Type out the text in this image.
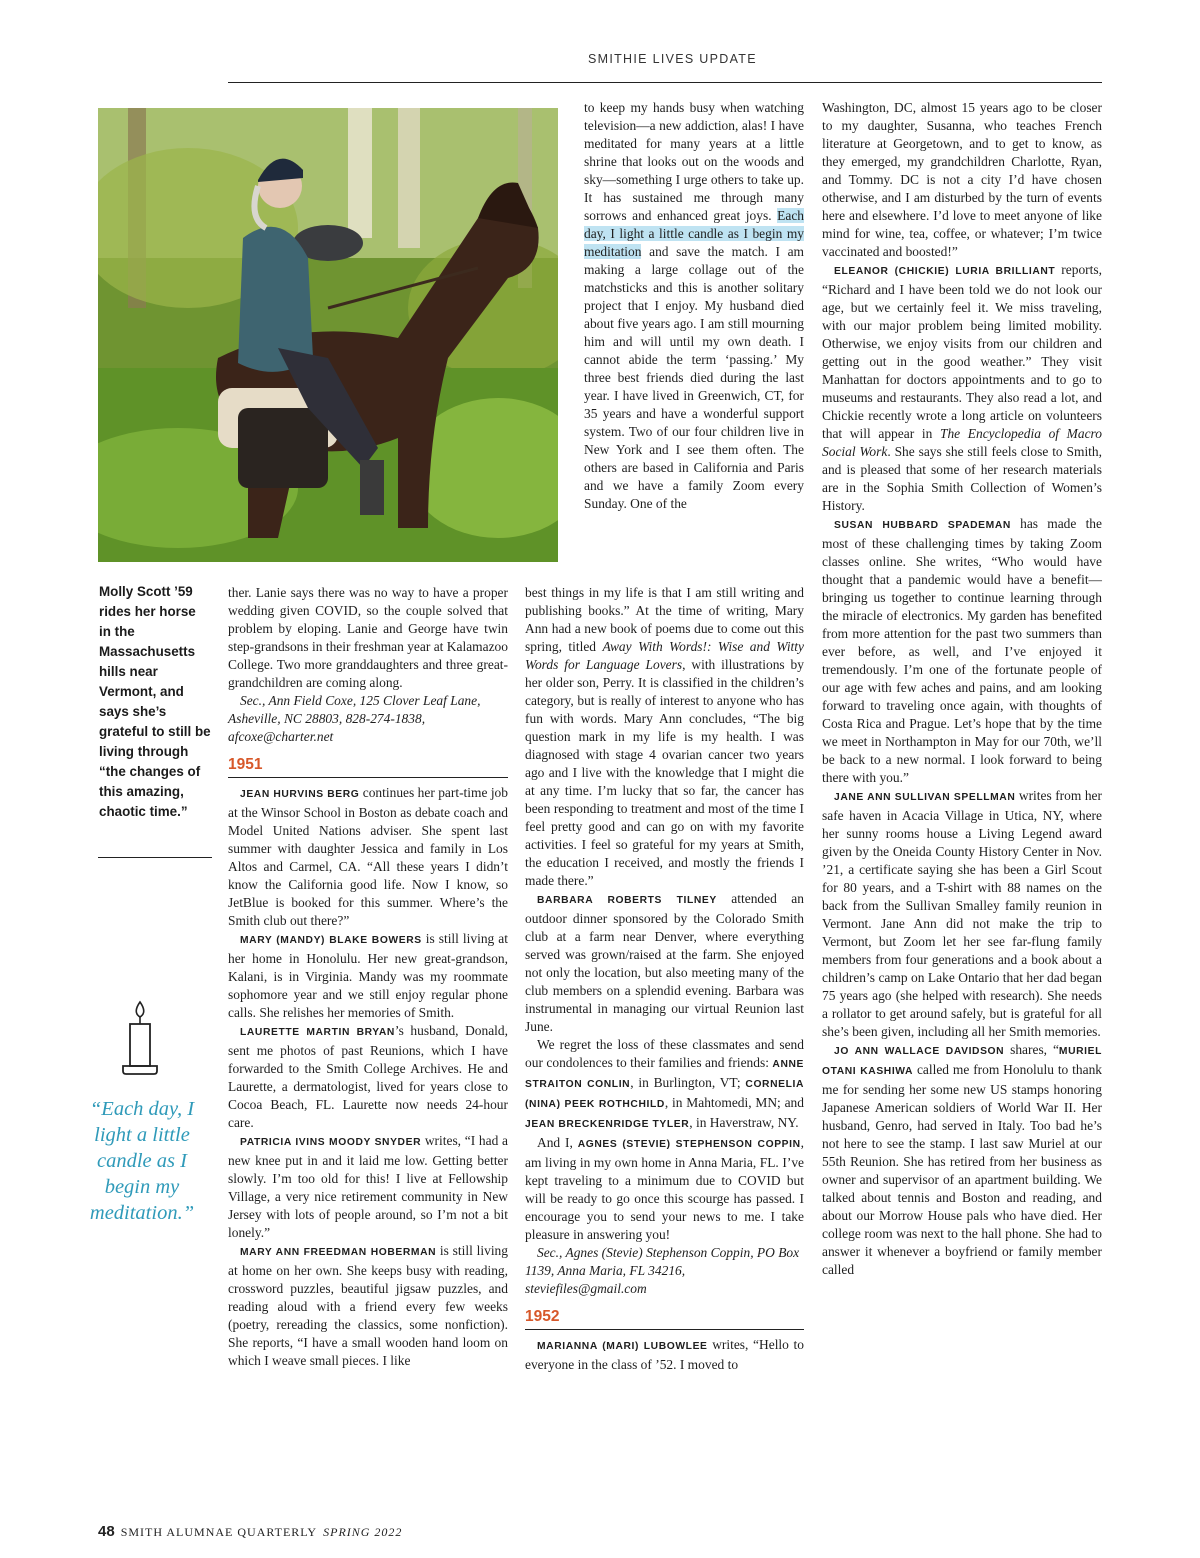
SMITHIE LIVES UPDATE
Molly Scott ’59 rides her horse in the Massachusetts hills near Vermont, and says she’s grateful to still be living through “the changes of this amazing, chaotic time.”
“Each day, I light a little candle as I begin my meditation.”

ther. Lanie says there was no way to have a proper wedding given COVID, so the couple solved that problem by eloping. Lanie and George have twin step-grandsons in their freshman year at Kalamazoo College. Two more granddaughters and three great-grandchildren are coming along.

Sec., Ann Field Coxe, 125 Clover Leaf Lane, Asheville, NC 28803, 828-274-1838, afcoxe@charter.net

1951

JEAN HURVINS BERG continues her part-time job at the Winsor School in Boston as debate coach and Model United Nations adviser. She spent last summer with daughter Jessica and family in Los Altos and Carmel, CA. “All these years I didn’t know the California good life. Now I know, so JetBlue is booked for this summer. Where’s the Smith club out there?”

MARY (MANDY) BLAKE BOWERS is still living at her home in Honolulu. Her new great-grandson, Kalani, is in Virginia. Mandy was my roommate sophomore year and we still enjoy regular phone calls. She relishes her memories of Smith.

LAURETTE MARTIN BRYAN’s husband, Donald, sent me photos of past Reunions, which I have forwarded to the Smith College Archives. He and Laurette, a dermatologist, lived for years close to Cocoa Beach, FL. Laurette now needs 24-hour care.

PATRICIA IVINS MOODY SNYDER writes, “I had a new knee put in and it laid me low. Getting better slowly. I’m too old for this! I live at Fellowship Village, a very nice retirement community in New Jersey with lots of people around, so I’m not a bit lonely.”

MARY ANN FREEDMAN HOBERMAN is still living at home on her own. She keeps busy with reading, crossword puzzles, beautiful jigsaw puzzles, and reading aloud with a friend every few weeks (poetry, rereading the classics, some nonfiction). She reports, “I have a small wooden hand loom on which I weave small pieces. I like

to keep my hands busy when watching television—a new addiction, alas! I have meditated for many years at a little shrine that looks out on the woods and sky—something I urge others to take up. It has sustained me through many sorrows and enhanced great joys. Each day, I light a little candle as I begin my meditation and save the match. I am making a large collage out of the matchsticks and this is another solitary project that I enjoy. My husband died about five years ago. I am still mourning him and will until my own death. I cannot abide the term ‘passing.’ My three best friends died during the last year. I have lived in Greenwich, CT, for 35 years and have a wonderful support system. Two of our four children live in New York and I see them often. The others are based in California and Paris and we have a family Zoom every Sunday. One of the

best things in my life is that I am still writing and publishing books.” At the time of writing, Mary Ann had a new book of poems due to come out this spring, titled Away With Words!: Wise and Witty Words for Language Lovers, with illustrations by her older son, Perry. It is classified in the children’s category, but is really of interest to anyone who has fun with words. Mary Ann concludes, “The big question mark in my life is my health. I was diagnosed with stage 4 ovarian cancer two years ago and I live with the knowledge that I might die at any time. I’m lucky that so far, the cancer has been responding to treatment and most of the time I feel pretty good and can go on with my favorite activities. I feel so grateful for my years at Smith, the education I received, and mostly the friends I made there.”

BARBARA ROBERTS TILNEY attended an outdoor dinner sponsored by the Colorado Smith club at a farm near Denver, where everything served was grown/raised at the farm. She enjoyed not only the location, but also meeting many of the club members on a splendid evening. Barbara was instrumental in managing our virtual Reunion last June.

We regret the loss of these classmates and send our condolences to their families and friends: ANNE STRAITON CONLIN, in Burlington, VT; CORNELIA (NINA) PEEK ROTHCHILD, in Mahtomedi, MN; and JEAN BRECKENRIDGE TYLER, in Haverstraw, NY.

And I, AGNES (STEVIE) STEPHENSON COPPIN, am living in my own home in Anna Maria, FL. I’ve kept traveling to a minimum due to COVID but will be ready to go once this scourge has passed. I encourage you to send your news to me. I take pleasure in answering you!

Sec., Agnes (Stevie) Stephenson Coppin, PO Box 1139, Anna Maria, FL 34216, steviefiles@gmail.com

1952

MARIANNA (MARI) LUBOWLEE writes, “Hello to everyone in the class of ’52. I moved to

Washington, DC, almost 15 years ago to be closer to my daughter, Susanna, who teaches French literature at Georgetown, and to get to know, as they emerged, my grandchildren Charlotte, Ryan, and Tommy. DC is not a city I’d have chosen otherwise, and I am disturbed by the turn of events here and elsewhere. I’d love to meet anyone of like mind for wine, tea, coffee, or whatever; I’m twice vaccinated and boosted!”

ELEANOR (CHICKIE) LURIA BRILLIANT reports, “Richard and I have been told we do not look our age, but we certainly feel it. We miss traveling, with our major problem being limited mobility. Otherwise, we enjoy visits from our children and getting out in the good weather.” They visit Manhattan for doctors appointments and to go to museums and restaurants. They also read a lot, and Chickie recently wrote a long article on volunteers that will appear in The Encyclopedia of Macro Social Work. She says she still feels close to Smith, and is pleased that some of her research materials are in the Sophia Smith Collection of Women’s History.

SUSAN HUBBARD SPADEMAN has made the most of these challenging times by taking Zoom classes online. She writes, “Who would have thought that a pandemic would have a benefit—bringing us together to continue learning through the miracle of electronics. My garden has benefited from more attention for the past two summers than ever before, as well, and I’ve enjoyed it tremendously. I’m one of the fortunate people of our age with few aches and pains, and am looking forward to traveling once again, with thoughts of Costa Rica and Prague. Let’s hope that by the time we meet in Northampton in May for our 70th, we’ll be back to a new normal. I look forward to being there with you.”

JANE ANN SULLIVAN SPELLMAN writes from her safe haven in Acacia Village in Utica, NY, where her sunny rooms house a Living Legend award given by the Oneida County History Center in Nov. ’21, a certificate saying she has been a Girl Scout for 80 years, and a T-shirt with 88 names on the back from the Sullivan Smalley family reunion in Vermont. Jane Ann did not make the trip to Vermont, but Zoom let her see far-flung family members from four generations and a book about a children’s camp on Lake Ontario that her dad began 75 years ago (she helped with research). She needs a rollator to get around safely, but is grateful for all she’s been given, including all her Smith memories.

JO ANN WALLACE DAVIDSON shares, “MURIEL OTANI KASHIWA called me from Honolulu to thank me for sending her some new US stamps honoring Japanese American soldiers of World War II. Her husband, Genro, had served in Italy. Too bad he’s not here to see the stamp. I last saw Muriel at our 55th Reunion. She has retired from her business as owner and supervisor of an apartment building. We talked about tennis and Boston and reading, and about our Morrow House pals who have died. Her college room was next to the hall phone. She had to answer it whenever a boyfriend or family member called

48 SMITH ALUMNAE QUARTERLY SPRING 2022
